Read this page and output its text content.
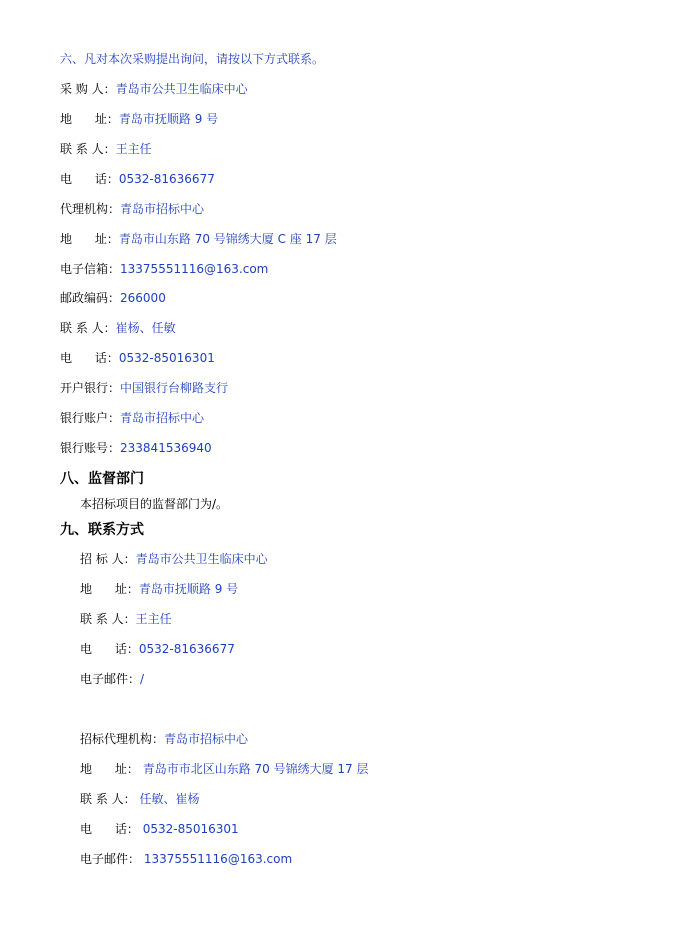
六、凡对本次采购提出询问，请按以下方式联系。
采 购 人：青岛市公共卫生临床中心
地      址：青岛市抚顺路 9 号
联 系 人：王主任
电      话：0532-81636677
代理机构：青岛市招标中心
地      址：青岛市山东路 70 号锦绣大厦 C 座 17 层
电子信箱：13375551116@163.com
邮政编码：266000
联 系 人：崔杨、任敏
电      话：0532-85016301
开户银行：中国银行台柳路支行
银行账户：青岛市招标中心
银行账号：233841536940
八、监督部门
本招标项目的监督部门为/。
九、联系方式
招 标 人：青岛市公共卫生临床中心
地      址：青岛市抚顺路 9 号
联 系 人：王主任
电      话：0532-81636677
电子邮件：/
招标代理机构：青岛市招标中心
地      址： 青岛市市北区山东路 70 号锦绣大厦 17 层
联 系 人： 任敏、崔杨
电      话： 0532-85016301
电子邮件： 13375551116@163.com
